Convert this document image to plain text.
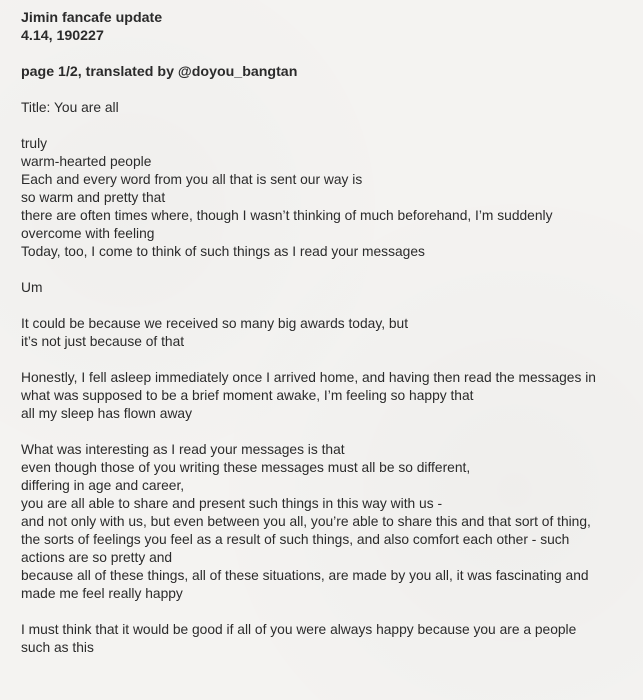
Jimin fancafe update

4.14, 190227

page 1/2, translated by @doyou_bangtan

Title: You are all

truly

warm-hearted people

Each and every word from you all that is sent our way is

so warm and pretty that

there are often times where, though I wasn’t thinking of much beforehand, I’m suddenly

overcome with feeling

Today, too, I come to think of such things as I read your messages

Um

It could be because we received so many big awards today, but

it’s not just because of that

Honestly, I fell asleep immediately once I arrived home, and having then read the messages in

what was supposed to be a brief moment awake, I’m feeling so happy that

all my sleep has flown away

What was interesting as I read your messages is that

even though those of you writing these messages must all be so different,

differing in age and career,

you are all able to share and present such things in this way with us -

and not only with us, but even between you all, you’re able to share this and that sort of thing,

the sorts of feelings you feel as a result of such things, and also comfort each other - such

actions are so pretty and

because all of these things, all of these situations, are made by you all, it was fascinating and

made me feel really happy

I must think that it would be good if all of you were always happy because you are a people

such as this
